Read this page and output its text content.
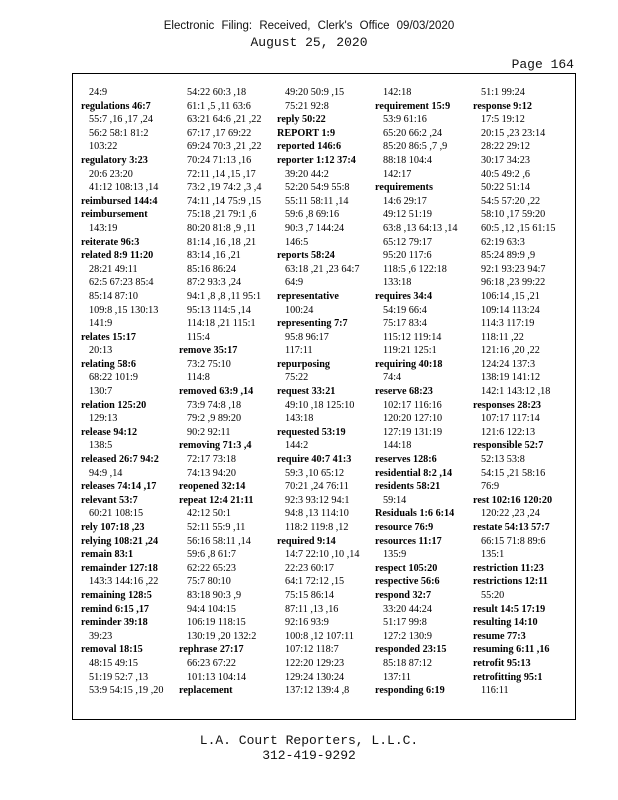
Electronic Filing: Received, Clerk's Office 09/03/2020
August 25, 2020
Page 164
24:9
regulations 46:7
55:7 ,16 ,17 ,24
56:2 58:1 81:2
103:22
regulatory 3:23
20:6 23:20
41:12 108:13 ,14
reimbursed 144:4
reimbursement
143:19
reiterate 96:3
related 8:9 11:20
28:21 49:11
62:5 67:23 85:4
85:14 87:10
109:8 ,15 130:13
141:9
relates 15:17
20:13
relating 58:6
68:22 101:9
130:7
relation 125:20
129:13
release 94:12
138:5
released 26:7 94:2
94:9 ,14
releases 74:14 ,17
relevant 53:7
60:21 108:15
rely 107:18 ,23
relying 108:21 ,24
remain 83:1
remainder 127:18
143:3 144:16 ,22
remaining 128:5
remind 6:15 ,17
reminder 39:18
39:23
removal 18:15
48:15 49:15
51:19 52:7 ,13
53:9 54:15 ,19 ,20
54:22 60:3 ,18
61:1 ,5 ,11 63:6
63:21 64:6 ,21 ,22
67:17 ,17 69:22
69:24 70:3 ,21 ,22
70:24 71:13 ,16
72:11 ,14 ,15 ,17
73:2 ,19 74:2 ,3 ,4
74:11 ,14 75:9 ,15
75:18 ,21 79:1 ,6
80:20 81:8 ,9 ,11
81:14 ,16 ,18 ,21
83:14 ,16 ,21
85:16 86:24
87:2 93:3 ,24
94:1 ,8 ,8 ,11 95:1
95:13 114:5 ,14
114:18 ,21 115:1
115:4
remove 35:17
73:2 75:10
114:8
removed 63:9 ,14
73:9 74:8 ,18
79:2 ,9 89:20
90:2 92:11
removing 71:3 ,4
72:17 73:18
74:13 94:20
reopened 32:14
repeat 12:4 21:11
42:12 50:1
52:11 55:9 ,11
56:16 58:11 ,14
59:6 ,8 61:7
62:22 65:23
75:7 80:10
83:18 90:3 ,9
94:4 104:15
106:19 118:15
130:19 ,20 132:2
rephrase 27:17
66:23 67:22
101:13 104:14
replacement
49:20 50:9 ,15
75:21 92:8
reply 50:22
REPORT 1:9
reported 146:6
reporter 1:12 37:4
39:20 44:2
52:20 54:9 55:8
55:11 58:11 ,14
59:6 ,8 69:16
90:3 ,7 144:24
146:5
reports 58:24
63:18 ,21 ,23 64:7
64:9
representative
100:24
representing 7:7
95:8 96:17
117:11
repurposing
75:22
request 33:21
49:10 ,18 125:10
143:18
requested 53:19
144:2
require 40:7 41:3
59:3 ,10 65:12
70:21 ,24 76:11
92:3 93:12 94:1
94:8 ,13 114:10
118:2 119:8 ,12
required 9:14
14:7 22:10 ,10 ,14
22:23 60:17
64:1 72:12 ,15
75:15 86:14
87:11 ,13 ,16
92:16 93:9
100:8 ,12 107:11
107:12 118:7
122:20 129:23
129:24 130:24
137:12 139:4 ,8
142:18
requirement 15:9
53:9 61:16
65:20 66:2 ,24
85:20 86:5 ,7 ,9
88:18 104:4
142:17
requirements
14:6 29:17
49:12 51:19
63:8 ,13 64:13 ,14
65:12 79:17
95:20 117:6
118:5 ,6 122:18
133:18
requires 34:4
54:19 66:4
75:17 83:4
115:12 119:14
119:21 125:1
requiring 40:18
74:4
reserve 68:23
102:17 116:16
120:20 127:10
127:19 131:19
144:18
reserves 128:6
residential 8:2 ,14
residents 58:21
59:14
Residuals 1:6 6:14
resource 76:9
resources 11:17
135:9
respect 105:20
respective 56:6
respond 32:7
33:20 44:24
51:17 99:8
127:2 130:9
responded 23:15
85:18 87:12
137:11
responding 6:19
51:1 99:24
response 9:12
17:5 19:12
20:15 ,23 23:14
28:22 29:12
30:17 34:23
40:5 49:2 ,6
50:22 51:14
54:5 57:20 ,22
58:10 ,17 59:20
60:5 ,12 ,15 61:15
62:19 63:3
85:24 89:9 ,9
92:1 93:23 94:7
96:18 ,23 99:22
106:14 ,15 ,21
109:14 113:24
114:3 117:19
118:11 ,22
121:16 ,20 ,22
124:24 137:3
138:19 141:12
142:1 143:12 ,18
responses 28:23
107:17 117:14
121:6 122:13
responsible 52:7
52:13 53:8
54:15 ,21 58:16
76:9
rest 102:16 120:20
120:22 ,23 ,24
restate 54:13 57:7
66:15 71:8 89:6
135:1
restriction 11:23
restrictions 12:11
55:20
result 14:5 17:19
resulting 14:10
resume 77:3
resuming 6:11 ,16
retrofit 95:13
retrofitting 95:1
116:11
L.A. Court Reporters, L.L.C.
312-419-9292
